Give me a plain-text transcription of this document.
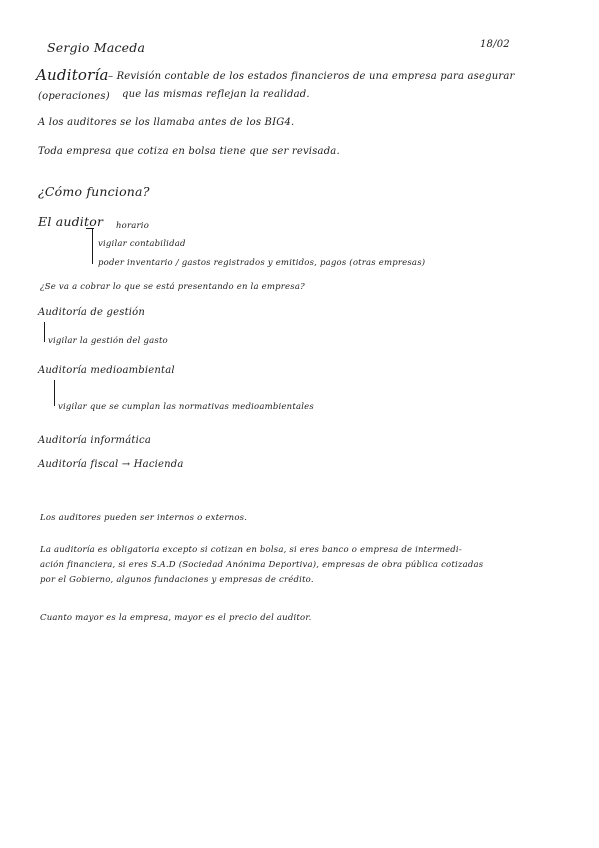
Sergio Maceda	18/02
Auditoría – Revisión contable de los estados financieros de una empresa para asegurar
(operaciones) que las mismas reflejan la realidad.
A los auditores se los llamaba antes de los BIG4.
Toda empresa que cotiza en bolsa tiene que ser revisada.
¿Cómo funciona?
El auditor horario
vigilar contabilidad
poder inventario / gastos registrados y emitidos, pagos (otras empresas)
¿Se va a cobrar lo que se está presentando en la empresa?
Auditoría de gestión
vigilar la gestión del gasto
Auditoría medioambiental
vigilar que se cumplan las normativas medioambientales
Auditoría informática
Auditoría fiscal → Hacienda
Los auditores pueden ser internos o externos.
La auditoría es obligatoria excepto si cotizan en bolsa, si eres banco o empresa de intermedi-
ación financiera, si eres S.A.D (Sociedad Anónima Deportiva), empresas de obra pública cotizadas
por el Gobierno, algunos fundaciones y empresas de crédito.
Cuanto mayor es la empresa, mayor es el precio del auditor.
